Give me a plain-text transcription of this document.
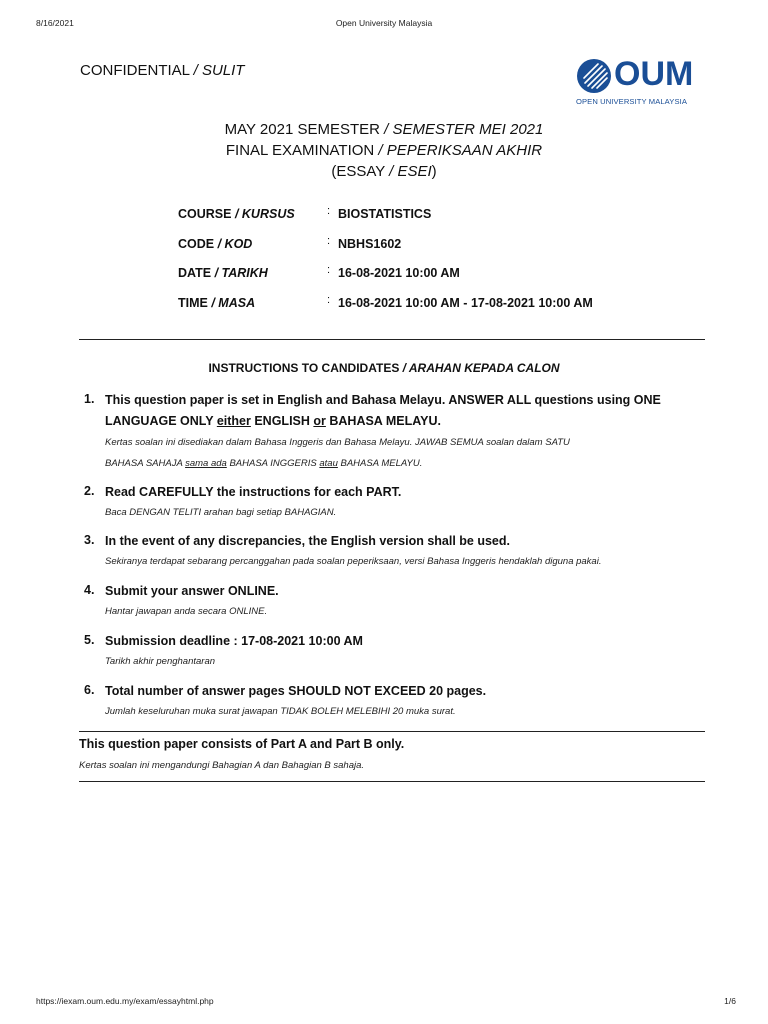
8/16/2021	Open University Malaysia
CONFIDENTIAL / SULIT	OUM
OPEN UNIVERSITY MALAYSIA
MAY 2021 SEMESTER / SEMESTER MEI 2021
FINAL EXAMINATION / PEPERIKSAAN AKHIR
(ESSAY / ESEI)
COURSE / KURSUS	: BIOSTATISTICS
CODE / KOD	: NBHS1602
DATE / TARIKH	: 16-08-2021 10:00 AM
TIME / MASA	: 16-08-2021 10:00 AM - 17-08-2021 10:00 AM
INSTRUCTIONS TO CANDIDATES / ARAHAN KEPADA CALON
1. This question paper is set in English and Bahasa Melayu. ANSWER ALL questions using ONE
LANGUAGE ONLY either ENGLISH or BAHASA MELAYU.
Kertas soalan ini disediakan dalam Bahasa Inggeris dan Bahasa Melayu. JAWAB SEMUA soalan dalam SATU
BAHASA SAHAJA sama ada BAHASA INGGERIS atau BAHASA MELAYU.
2. Read CAREFULLY the instructions for each PART.
Baca DENGAN TELITI arahan bagi setiap BAHAGIAN.
3. In the event of any discrepancies, the English version shall be used.
Sekiranya terdapat sebarang percanggahan pada soalan peperiksaan, versi Bahasa Inggeris hendaklah diguna pakai.
4. Submit your answer ONLINE.
Hantar jawapan anda secara ONLINE.
5. Submission deadline : 17-08-2021 10:00 AM
Tarikh akhir penghantaran
6. Total number of answer pages SHOULD NOT EXCEED 20 pages.
Jumlah keseluruhan muka surat jawapan TIDAK BOLEH MELEBIHI 20 muka surat.
This question paper consists of Part A and Part B only.
Kertas soalan ini mengandungi Bahagian A dan Bahagian B sahaja.
https://iexam.oum.edu.my/exam/essayhtml.php	1/6
